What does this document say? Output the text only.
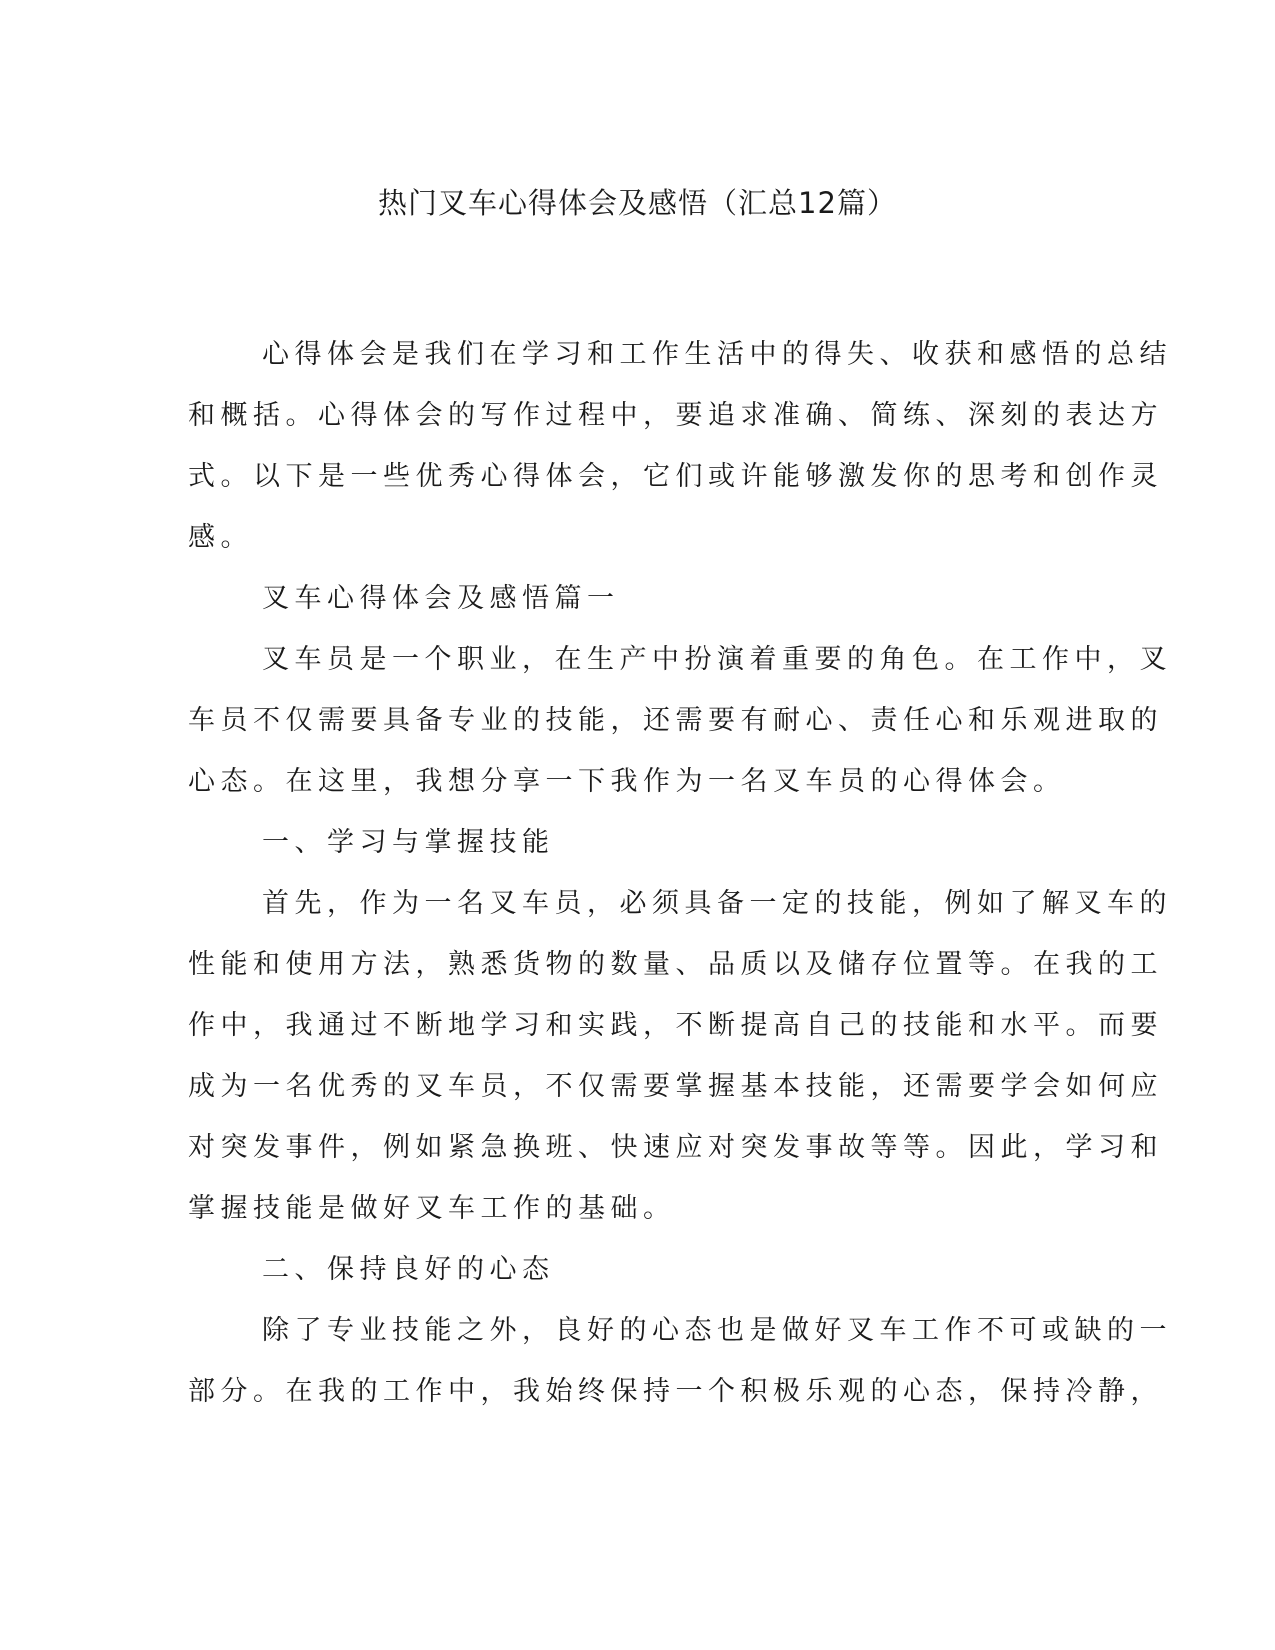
热门叉车心得体会及感悟（汇总12篇）
心得体会是我们在学习和工作生活中的得失、收获和感悟的总结
和概括。心得体会的写作过程中，要追求准确、简练、深刻的表达方
式。以下是一些优秀心得体会，它们或许能够激发你的思考和创作灵
感。
叉车心得体会及感悟篇一
叉车员是一个职业，在生产中扮演着重要的角色。在工作中，叉
车员不仅需要具备专业的技能，还需要有耐心、责任心和乐观进取的
心态。在这里，我想分享一下我作为一名叉车员的心得体会。
一、学习与掌握技能
首先，作为一名叉车员，必须具备一定的技能，例如了解叉车的
性能和使用方法，熟悉货物的数量、品质以及储存位置等。在我的工
作中，我通过不断地学习和实践，不断提高自己的技能和水平。而要
成为一名优秀的叉车员，不仅需要掌握基本技能，还需要学会如何应
对突发事件，例如紧急换班、快速应对突发事故等等。因此，学习和
掌握技能是做好叉车工作的基础。
二、保持良好的心态
除了专业技能之外，良好的心态也是做好叉车工作不可或缺的一
部分。在我的工作中，我始终保持一个积极乐观的心态，保持冷静，
